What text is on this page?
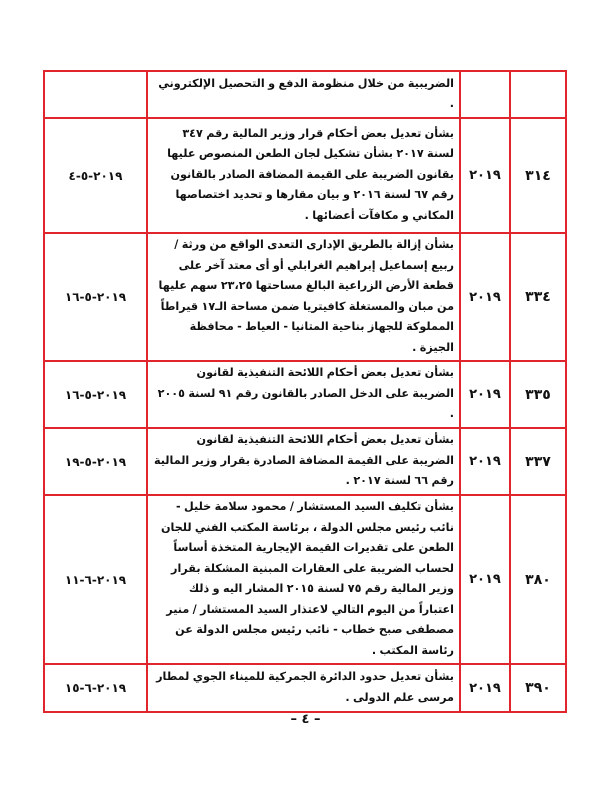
	الضريبية من خلال منظومة الدفع و التحصيل الإلكتروني .		
٢٠١٩-٥-٤	بشأن تعديل بعض أحكام قرار وزير المالية رقم ٣٤٧ لسنة ٢٠١٧ بشأن تشكيل لجان الطعن المنصوص عليها بقانون الضريبة على القيمة المضافة الصادر بالقانون رقم ٦٧ لسنة ٢٠١٦ و بيان مقارها و تحديد اختصاصها المكاني و مكافآت أعضائها .	٢٠١٩	٣١٤
٢٠١٩-٥-١٦	بشأن إزالة بالطريق الإدارى التعدى الواقع من ورثة / ربيع إسماعيل إبراهيم الغرابلي أو أى معتد آخر على قطعة الأرض الزراعية البالغ مساحتها ٢٣،٢٥ سهم عليها من مبان والمستغلة كافيتريا ضمن مساحة الـ١٧ قيراطاً المملوكة للجهاز بناحية المتانيا - العياط - محافظة الجيزة .	٢٠١٩	٣٣٤
٢٠١٩-٥-١٦	بشأن تعديل بعض أحكام اللائحة التنفيذية لقانون الضريبة على الدخل الصادر بالقانون رقم ٩١ لسنة ٢٠٠٥ .	٢٠١٩	٣٣٥
٢٠١٩-٥-١٩	بشأن تعديل بعض أحكام اللائحة التنفيذية لقانون الضريبة على القيمة المضافة الصادرة بقرار وزير المالية رقم ٦٦ لسنة ٢٠١٧ .	٢٠١٩	٣٣٧
٢٠١٩-٦-١١	بشأن تكليف السيد المستشار / محمود سلامة خليل - نائب رئيس مجلس الدولة ، برئاسة المكتب الفني للجان الطعن على تقديرات القيمة الإيجارية المتخذة أساساً لحساب الضريبة على العقارات المبنية المشكلة بقرار وزير المالية رقم ٧٥ لسنة ٢٠١٥ المشار اليه و ذلك اعتباراً من اليوم التالي لاعتذار السيد المستشار / منير مصطفى صبح خطاب - نائب رئيس مجلس الدولة عن رئاسة المكتب .	٢٠١٩	٣٨٠
٢٠١٩-٦-١٥	بشأن تعديل حدود الدائرة الجمركية للميناء الجوي لمطار مرسى علم الدولى .	٢٠١٩	٣٩٠
– ٤ –
